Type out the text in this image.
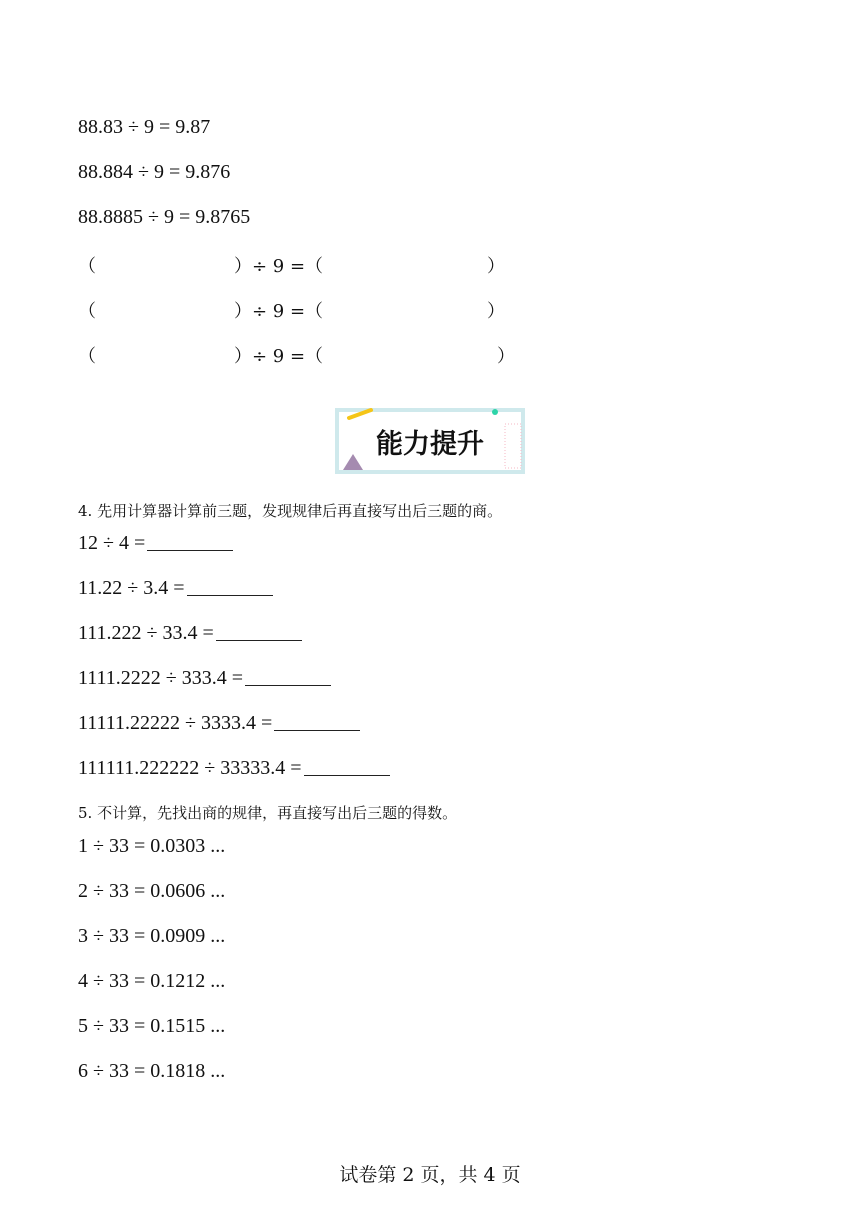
88.83 ÷ 9 = 9.87
88.884 ÷ 9 = 9.876
88.8885 ÷ 9 = 9.8765
（	）÷ 9 =（	）
（	）÷ 9 =（	）
（	）÷ 9 =（	）
能力提升
4. 先用计算器计算前三题，发现规律后再直接写出后三题的商。
12 ÷ 4 =
11.22 ÷ 3.4 =
111.222 ÷ 33.4 =
1111.2222 ÷ 333.4 =
11111.22222 ÷ 3333.4 =
111111.222222 ÷ 33333.4 =
5. 不计算，先找出商的规律，再直接写出后三题的得数。
1 ÷ 33 = 0.0303 ...
2 ÷ 33 = 0.0606 ...
3 ÷ 33 = 0.0909 ...
4 ÷ 33 = 0.1212 ...
5 ÷ 33 = 0.1515 ...
6 ÷ 33 = 0.1818 ...
试卷第 2 页，共 4 页
